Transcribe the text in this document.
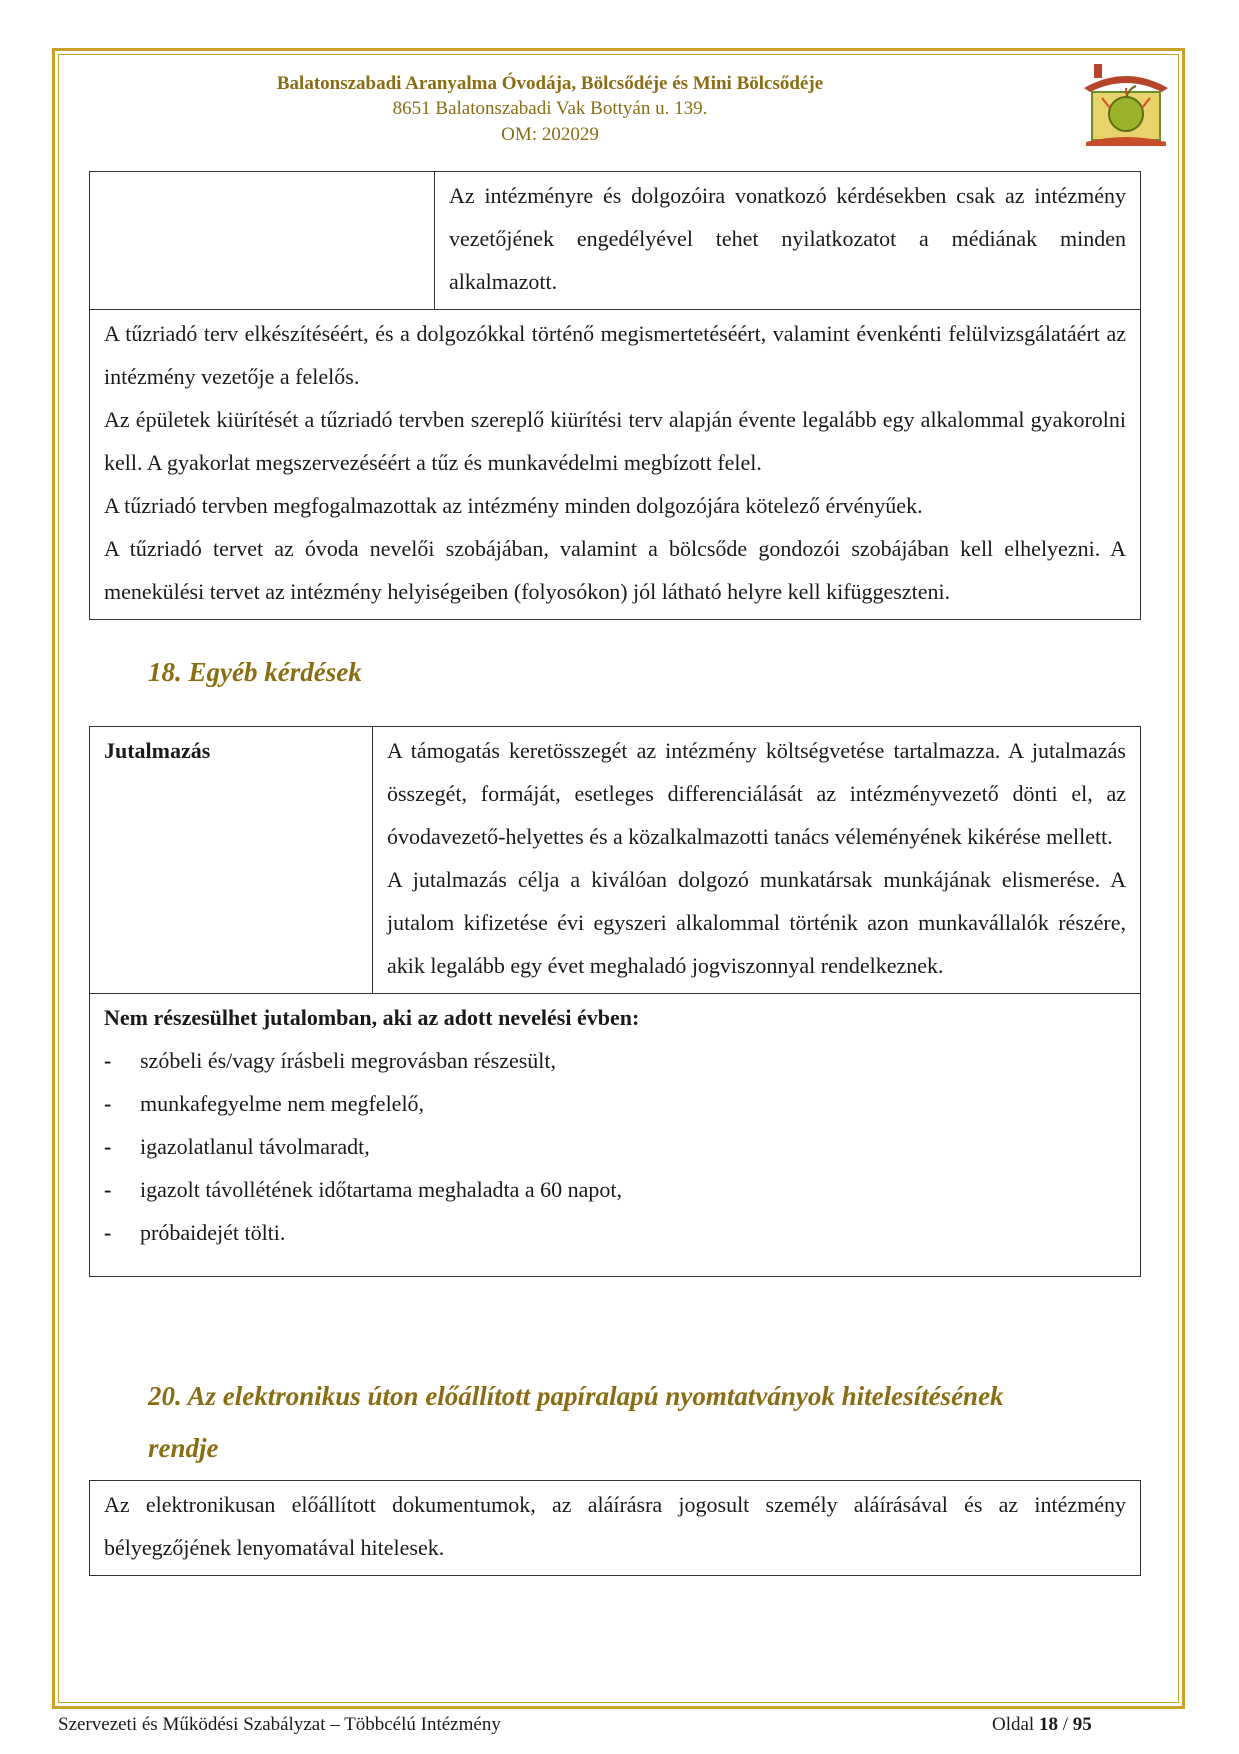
Balatonszabadi Aranyalma Óvodája, Bölcsődéje és Mini Bölcsődéje
8651 Balatonszabadi Vak Bottyán u. 139.
OM: 202029
	Az intézményre és dolgozóira vonatkozó kérdésekben csak az intézmény vezetőjének engedélyével tehet nyilatkozatot a médiának minden alkalmazott.

A tűzriadó terv elkészítéséért, és a dolgozókkal történő megismertetéséért, valamint évenkénti felülvizsgálatáért az intézmény vezetője a felelős.
Az épületek kiürítését a tűzriadó tervben szereplő kiürítési terv alapján évente legalább egy alkalommal gyakorolni kell. A gyakorlat megszervezéséért a tűz és munkavédelmi megbízott felel.
A tűzriadó tervben megfogalmazottak az intézmény minden dolgozójára kötelező érvényűek.
A tűzriadó tervet az óvoda nevelői szobájában, valamint a bölcsőde gondozói szobájában kell elhelyezni. A menekülési tervet az intézmény helyiségeiben (folyosókon) jól látható helyre kell kifüggeszteni.
18. Egyéb kérdések
Jutalmazás	A támogatás keretösszegét az intézmény költségvetése tartalmazza. A jutalmazás összegét, formáját, esetleges differenciálását az intézményvezető dönti el, az óvodavezető-helyettes és a közalkalmazotti tanács véleményének kikérése mellett.
A jutalmazás célja a kiválóan dolgozó munkatársak munkájának elismerése. A jutalom kifizetése évi egyszeri alkalommal történik azon munkavállalók részére, akik legalább egy évet meghaladó jogviszonnyal rendelkeznek.

Nem részesülhet jutalomban, aki az adott nevelési évben:
- szóbeli és/vagy írásbeli megrovásban részesült,
- munkafegyelme nem megfelelő,
- igazolatlanul távolmaradt,
- igazolt távollétének időtartama meghaladta a 60 napot,
- próbaidejét tölti.
20. Az elektronikus úton előállított papíralapú nyomtatványok hitelesítésének
rendje
Az elektronikusan előállított dokumentumok, az aláírásra jogosult személy aláírásával és az intézmény bélyegzőjének lenyomatával hitelesek.
Szervezeti és Működési Szabályzat – Többcélú Intézmény	Oldal 18 / 95
